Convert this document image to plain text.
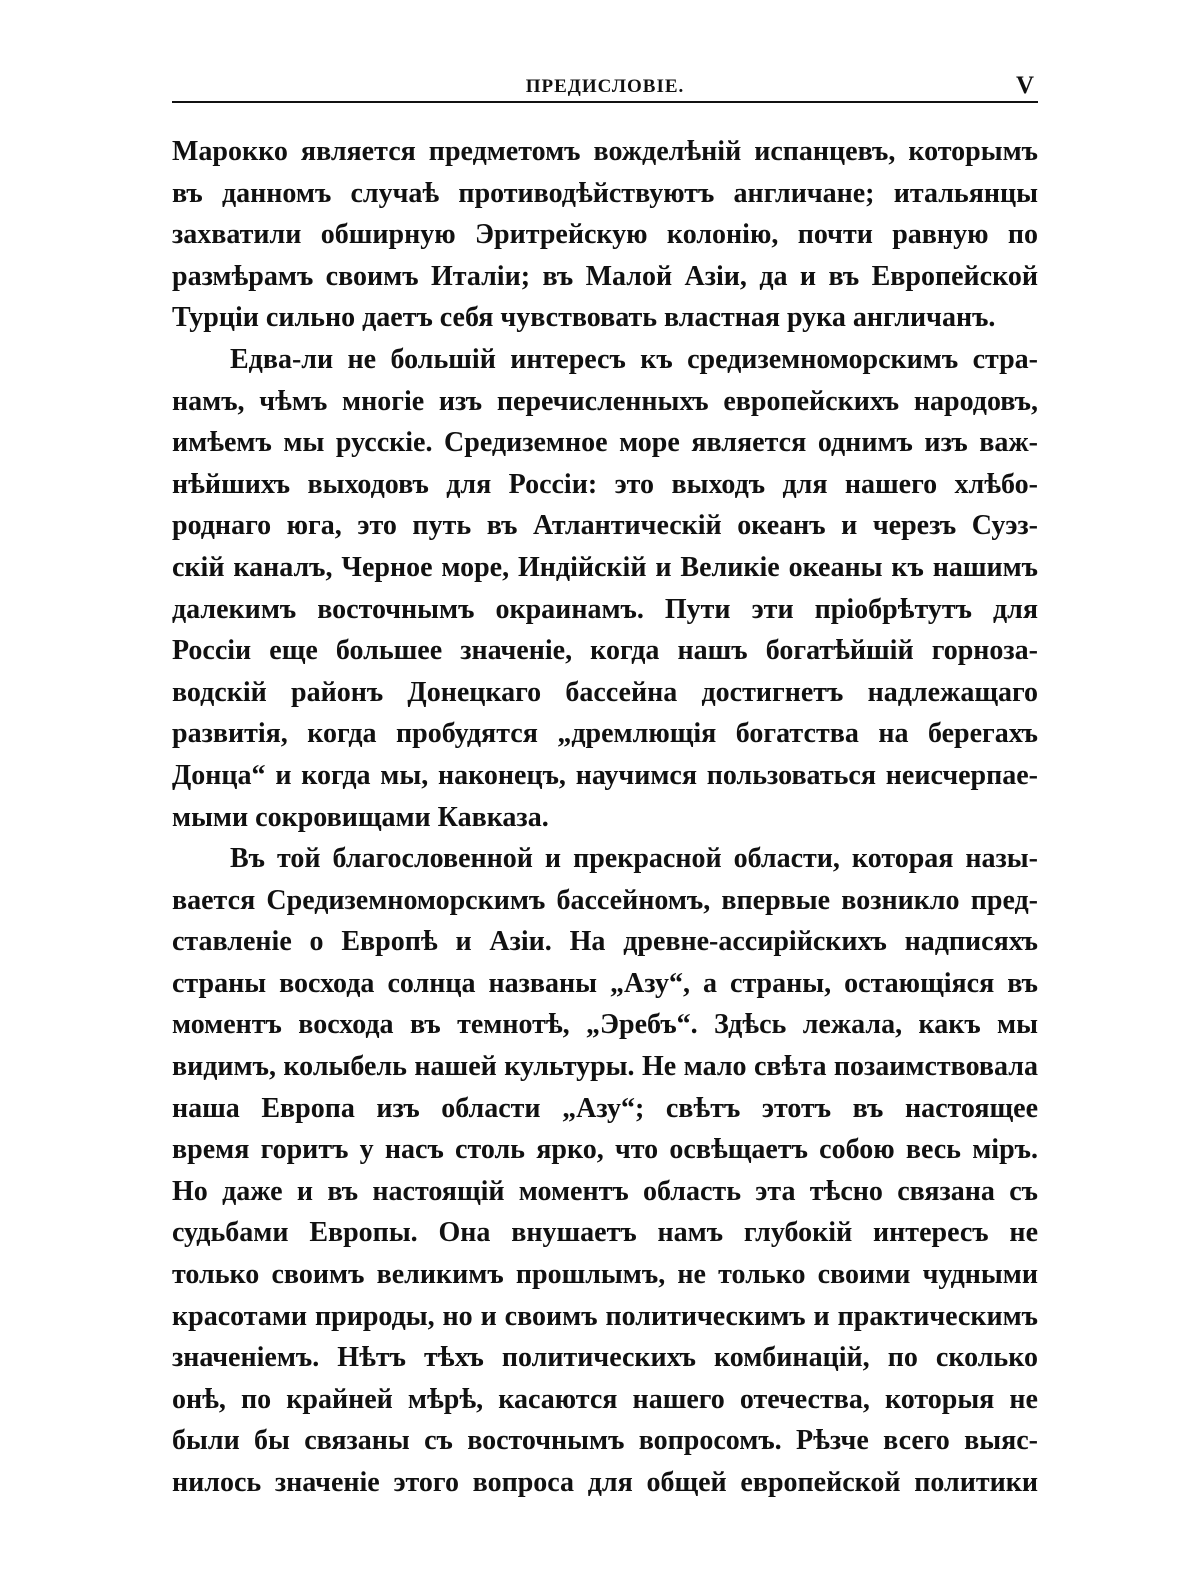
ПРЕДИСЛОВІЕ.	V
Марокко является предметомъ вожделѣній испанцевъ, которымъ
въ данномъ случаѣ противодѣйствуютъ англичане; итальянцы
захватили обширную Эритрейскую колонію, почти равную по
размѣрамъ своимъ Италіи; въ Малой Азіи, да и въ Европейской
Турціи сильно даетъ себя чувствовать властная рука англичанъ.
Едва-ли не большій интересъ къ средиземноморскимъ стра-
намъ, чѣмъ многіе изъ перечисленныхъ европейскихъ народовъ,
имѣемъ мы русскіе. Средиземное море является однимъ изъ важ-
нѣйшихъ выходовъ для Россіи: это выходъ для нашего хлѣбо-
роднаго юга, это путь въ Атлантическій океанъ и черезъ Суэз-
скій каналъ, Черное море, Индійскій и Великіе океаны къ нашимъ
далекимъ восточнымъ окраинамъ. Пути эти пріобрѣтутъ для
Россіи еще большее значеніе, когда нашъ богатѣйшій горноза-
водскій районъ Донецкаго бассейна достигнетъ надлежащаго
развитія, когда пробудятся „дремлющія богатства на берегахъ
Донца“ и когда мы, наконецъ, научимся пользоваться неисчерпае-
мыми сокровищами Кавказа.
Въ той благословенной и прекрасной области, которая назы-
вается Средиземноморскимъ бассейномъ, впервые возникло пред-
ставленіе о Европѣ и Азіи. На древне-ассирійскихъ надписяхъ
страны восхода солнца названы „Азу“, а страны, остающіяся въ
моментъ восхода въ темнотѣ, „Эребъ“. Здѣсь лежала, какъ мы
видимъ, колыбель нашей культуры. Не мало свѣта позаимствовала
наша Европа изъ области „Азу“; свѣтъ этотъ въ настоящее
время горитъ у насъ столь ярко, что освѣщаетъ собою весь міръ.
Но даже и въ настоящій моментъ область эта тѣсно связана съ
судьбами Европы. Она внушаетъ намъ глубокій интересъ не
только своимъ великимъ прошлымъ, не только своими чудными
красотами природы, но и своимъ политическимъ и практическимъ
значеніемъ. Нѣтъ тѣхъ политическихъ комбинацій, по сколько
онѣ, по крайней мѣрѣ, касаются нашего отечества, которыя не
были бы связаны съ восточнымъ вопросомъ. Рѣзче всего выяс-
нилось значеніе этого вопроса для общей европейской политики
